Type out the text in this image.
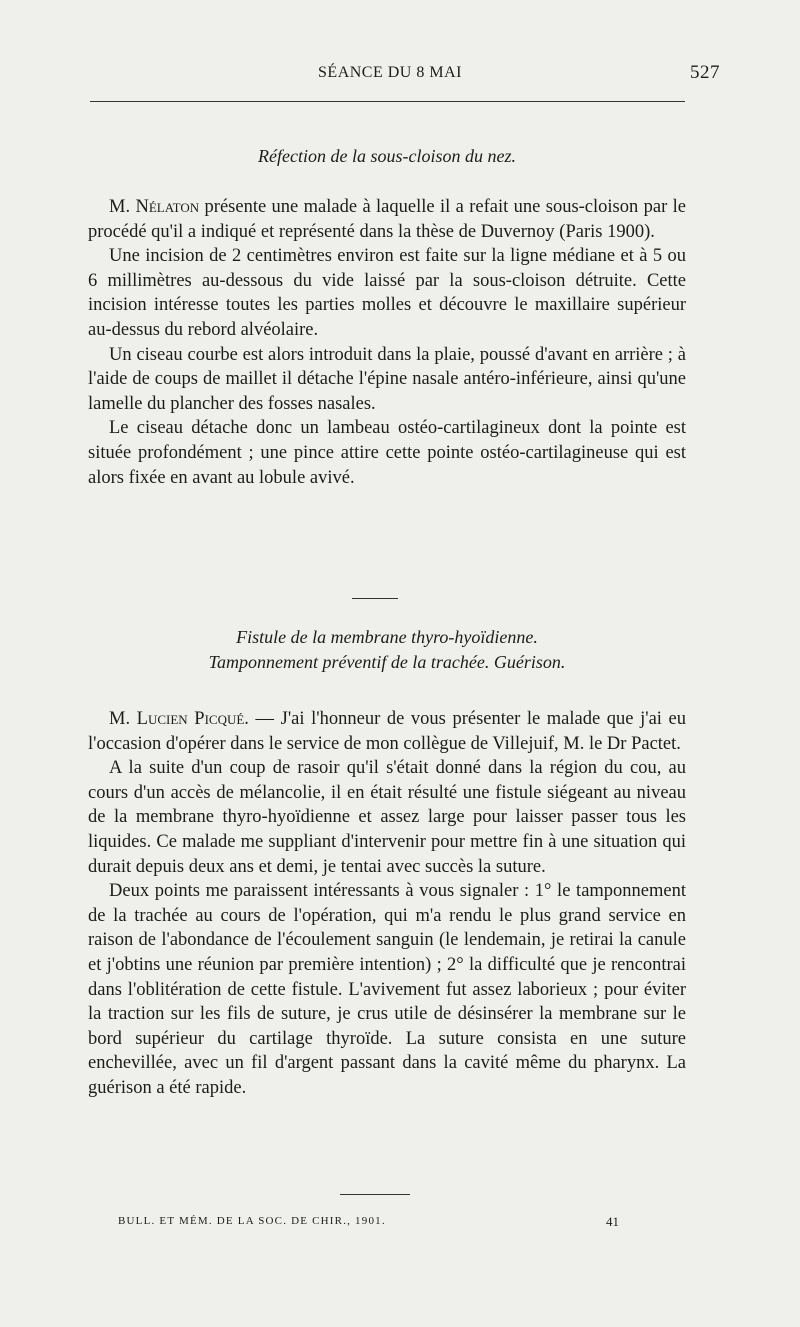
SÉANCE DU 8 MAI	527
Réfection de la sous-cloison du nez.

M. Nélaton présente une malade à laquelle il a refait une sous-cloison par le procédé qu'il a indiqué et représenté dans la thèse de Duvernoy (Paris 1900).

Une incision de 2 centimètres environ est faite sur la ligne médiane et à 5 ou 6 millimètres au-dessous du vide laissé par la sous-cloison détruite. Cette incision intéresse toutes les parties molles et découvre le maxillaire supérieur au-dessus du rebord alvéolaire.

Un ciseau courbe est alors introduit dans la plaie, poussé d'avant en arrière ; à l'aide de coups de maillet il détache l'épine nasale antéro-inférieure, ainsi qu'une lamelle du plancher des fosses nasales.

Le ciseau détache donc un lambeau ostéo-cartilagineux dont la pointe est située profondément ; une pince attire cette pointe ostéo-cartilagineuse qui est alors fixée en avant au lobule avivé.

Fistule de la membrane thyro-hyoïdienne.
Tamponnement préventif de la trachée. Guérison.

M. Lucien Picqué. — J'ai l'honneur de vous présenter le malade que j'ai eu l'occasion d'opérer dans le service de mon collègue de Villejuif, M. le Dr Pactet.

A la suite d'un coup de rasoir qu'il s'était donné dans la région du cou, au cours d'un accès de mélancolie, il en était résulté une fistule siégeant au niveau de la membrane thyro-hyoïdienne et assez large pour laisser passer tous les liquides. Ce malade me suppliant d'intervenir pour mettre fin à une situation qui durait depuis deux ans et demi, je tentai avec succès la suture.

Deux points me paraissent intéressants à vous signaler : 1° le tamponnement de la trachée au cours de l'opération, qui m'a rendu le plus grand service en raison de l'abondance de l'écoulement sanguin (le lendemain, je retirai la canule et j'obtins une réunion par première intention) ; 2° la difficulté que je rencontrai dans l'oblitération de cette fistule. L'avivement fut assez laborieux ; pour éviter la traction sur les fils de suture, je crus utile de désinsérer la membrane sur le bord supérieur du cartilage thyroïde. La suture consista en une suture enchevillée, avec un fil d'argent passant dans la cavité même du pharynx. La guérison a été rapide.

BULL. ET MÉM. DE LA SOC. DE CHIR., 1901.	41
